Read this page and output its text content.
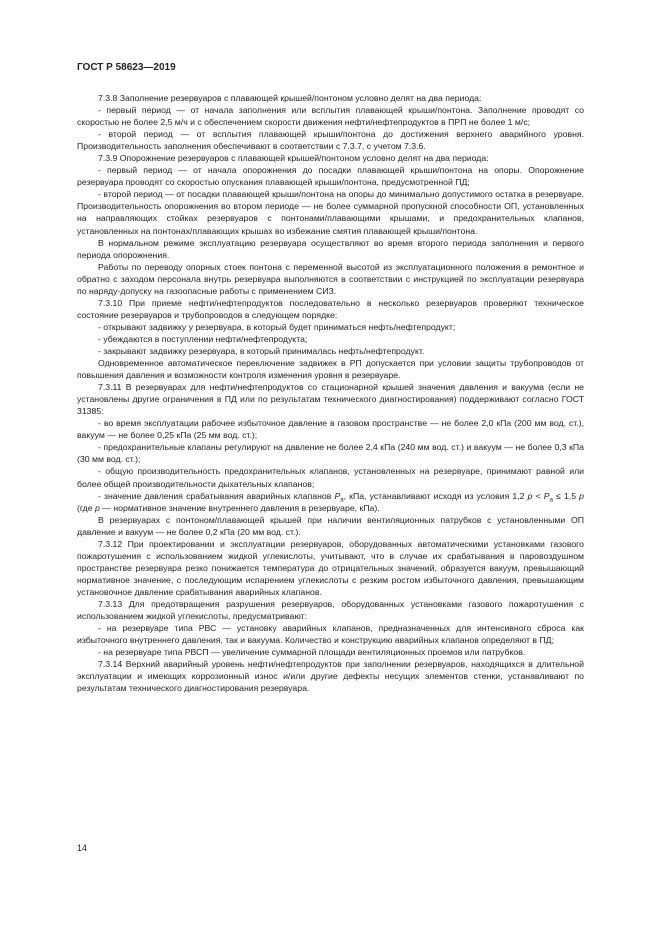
ГОСТ Р 58623—2019

7.3.8 Заполнение резервуаров с плавающей крышей/понтоном условно делят на два периода:

- первый период — от начала заполнения или всплытия плавающей крыши/понтона. Заполнение проводят со скоростью не более 2,5 м/ч и с обеспечением скорости движения нефти/нефтепродуктов в ПРП не более 1 м/с;

- второй период — от всплытия плавающей крыши/понтона до достижения верхнего аварийного уровня. Производительность заполнения обеспечивают в соответствии с 7.3.7, с учетом 7.3.6.

7.3.9 Опорожнение резервуаров с плавающей крышей/понтоном условно делят на два периода:

- первый период — от начала опорожнения до посадки плавающей крыши/понтона на опоры. Опорожнение резервуара проводят со скоростью опускания плавающей крыши/понтона, предусмотренной ПД;

- второй период — от посадки плавающей крыши/понтона на опоры до минимально допустимого остатка в резервуаре. Производительность опорожнения во втором периоде — не более суммарной пропускной способности ОП, установленных на направляющих стойках резервуаров с понтонами/плавающими крышами, и предохранительных клапанов, установленных на понтонах/плавающих крышах во избежание смятия плавающей крыши/понтона.

В нормальном режиме эксплуатацию резервуара осуществляют во время второго периода заполнения и первого периода опорожнения.

Работы по переводу опорных стоек понтона с переменной высотой из эксплуатационного положения в ремонтное и обратно с заходом персонала внутрь резервуара выполняются в соответствии с инструкцией по эксплуатации резервуара по наряду-допуску на газоопасные работы с применением СИЗ.

7.3.10 При приеме нефти/нефтепродуктов последовательно в несколько резервуаров проверяют техническое состояние резервуаров и трубопроводов в следующем порядке:

- открывают задвижку у резервуара, в который будет приниматься нефть/нефтепродукт;

- убеждаются в поступлении нефти/нефтепродукта;

- закрывают задвижку резервуара, в который принималась нефть/нефтепродукт.

Одновременное автоматическое переключение задвижек в РП допускается при условии защиты трубопроводов от повышения давления и возможности контроля изменения уровня в резервуаре.

7.3.11 В резервуарах для нефти/нефтепродуктов со стационарной крышей значения давления и вакуума (если не установлены другие ограничения в ПД или по результатам технического диагностирования) поддерживают согласно ГОСТ 31385:

- во время эксплуатации рабочее избыточное давление в газовом пространстве — не более 2,0 кПа (200 мм вод. ст.), вакуум — не более 0,25 кПа (25 мм вод. ст.);

- предохранительные клапаны регулируют на давление не более 2,4 кПа (240 мм вод. ст.) и вакуум — не более 0,3 кПа (30 мм вод. ст.);

- общую производительность предохранительных клапанов, установленных на резервуаре, принимают равной или более общей производительности дыхательных клапанов;

- значение давления срабатывания аварийных клапанов $P_a$, кПа, устанавливают исходя из условия 1,2 $p < P_a \le 1,5$ p (где p — нормативное значение внутреннего давления в резервуаре, кПа).

В резервуарах с понтоном/плавающей крышей при наличии вентиляционных патрубков с установленными ОП давление и вакуум — не более 0,2 кПа (20 мм вод. ст.).

7.3.12 При проектировании и эксплуатации резервуаров, оборудованных автоматическими установками газового пожаротушения с использованием жидкой углекислоты, учитывают, что в случае их срабатывания в паровоздушном пространстве резервуара резко понижается температура до отрицательных значений, образуется вакуум, превышающий нормативное значение, с последующим испарением углекислоты с резким ростом избыточного давления, превышающим установочное давление срабатывания аварийных клапанов.

7.3.13 Для предотвращения разрушения резервуаров, оборудованных установками газового пожаротушения с использованием жидкой углекислоты, предусматривают:

- на резервуаре типа РВС — установку аварийных клапанов, предназначенных для интенсивного сброса как избыточного внутреннего давления, так и вакуума. Количество и конструкцию аварийных клапанов определяют в ПД;

- на резервуаре типа РВСП — увеличение суммарной площади вентиляционных проемов или патрубков.

7.3.14 Верхний аварийный уровень нефти/нефтепродуктов при заполнении резервуаров, находящихся в длительной эксплуатации и имеющих коррозионный износ и/или другие дефекты несущих элементов стенки, устанавливают по результатам технического диагностирования резервуара.

14
